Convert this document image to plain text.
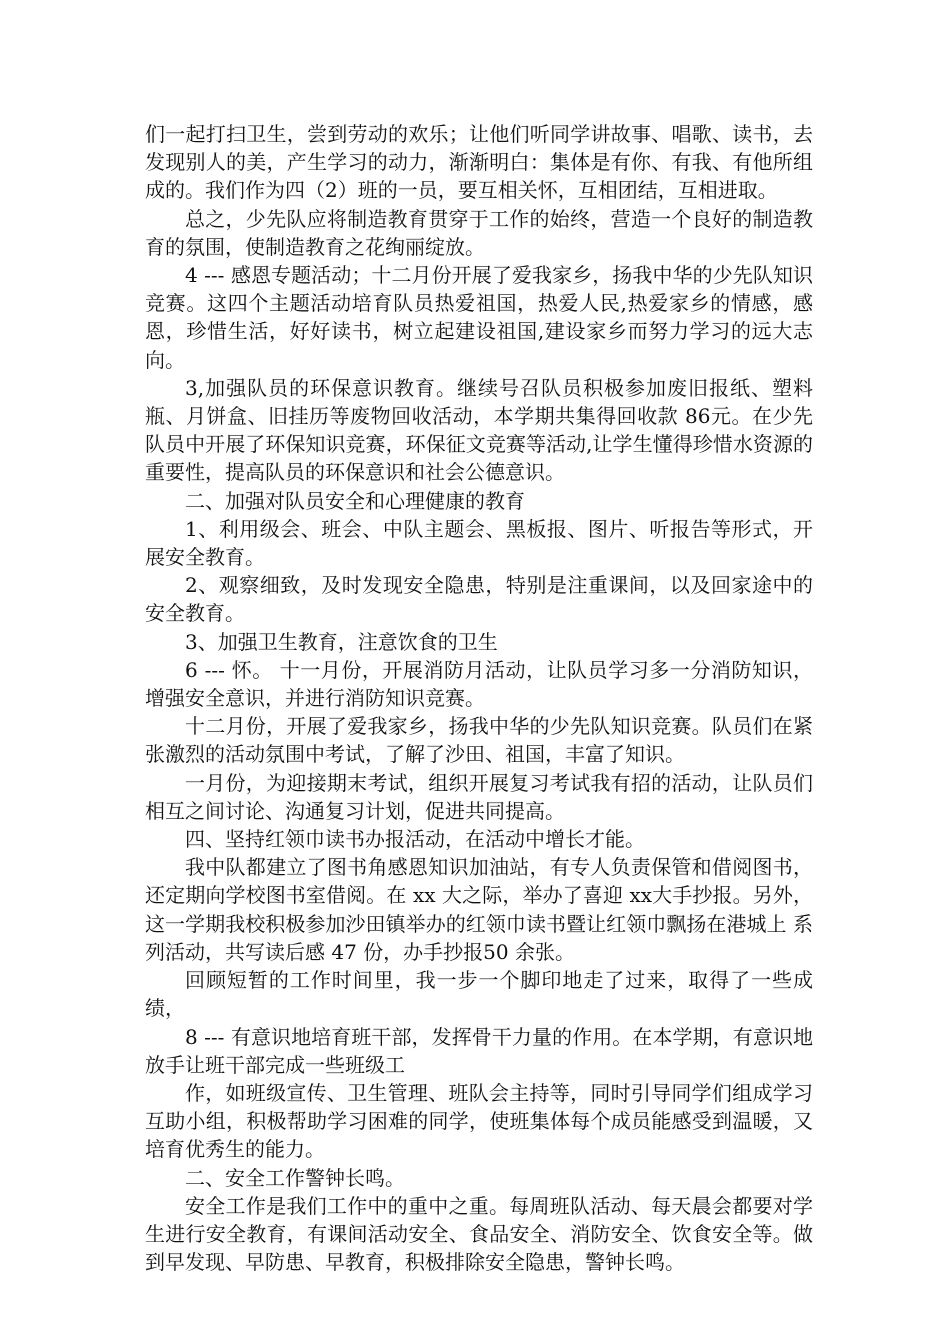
们一起打扫卫生，尝到劳动的欢乐；让他们听同学讲故事、唱歌、读书，去发现别人的美，产生学习的动力，渐渐明白：集体是有你、有我、有他所组成的。我们作为四（2）班的一员，要互相关怀，互相团结，互相进取。

总之，少先队应将制造教育贯穿于工作的始终，营造一个良好的制造教育的氛围，使制造教育之花绚丽绽放。

4 --- 感恩专题活动；十二月份开展了爱我家乡，扬我中华的少先队知识竞赛。这四个主题活动培育队员热爱祖国，热爱人民,热爱家乡的情感，感恩，珍惜生活，好好读书，树立起建设祖国,建设家乡而努力学习的远大志向。

3,加强队员的环保意识教育。继续号召队员积极参加废旧报纸、塑料瓶、月饼盒、旧挂历等废物回收活动，本学期共集得回收款 86元。在少先队员中开展了环保知识竞赛，环保征文竞赛等活动,让学生懂得珍惜水资源的重要性，提高队员的环保意识和社会公德意识。

二、加强对队员安全和心理健康的教育

1、利用级会、班会、中队主题会、黑板报、图片、听报告等形式，开展安全教育。

2、观察细致，及时发现安全隐患，特别是注重课间，以及回家途中的安全教育。

3、加强卫生教育，注意饮食的卫生

6 --- 怀。 十一月份，开展消防月活动，让队员学习多一分消防知识，增强安全意识，并进行消防知识竞赛。

十二月份，开展了爱我家乡，扬我中华的少先队知识竞赛。队员们在紧张激烈的活动氛围中考试，了解了沙田、祖国，丰富了知识。

一月份，为迎接期末考试，组织开展复习考试我有招的活动，让队员们相互之间讨论、沟通复习计划，促进共同提高。

四、坚持红领巾读书办报活动，在活动中增长才能。

我中队都建立了图书角感恩知识加油站，有专人负责保管和借阅图书，还定期向学校图书室借阅。在 xx 大之际，举办了喜迎 xx大手抄报。另外，这一学期我校积极参加沙田镇举办的红领巾读书暨让红领巾飘扬在港城上 系列活动，共写读后感 47 份，办手抄报50 余张。

回顾短暂的工作时间里，我一步一个脚印地走了过来，取得了一些成绩，

8 --- 有意识地培育班干部，发挥骨干力量的作用。在本学期，有意识地放手让班干部完成一些班级工

作，如班级宣传、卫生管理、班队会主持等，同时引导同学们组成学习互助小组，积极帮助学习困难的同学，使班集体每个成员能感受到温暖，又培育优秀生的能力。

二、安全工作警钟长鸣。

安全工作是我们工作中的重中之重。每周班队活动、每天晨会都要对学生进行安全教育，有课间活动安全、食品安全、消防安全、饮食安全等。做到早发现、早防患、早教育，积极排除安全隐患，警钟长鸣。
